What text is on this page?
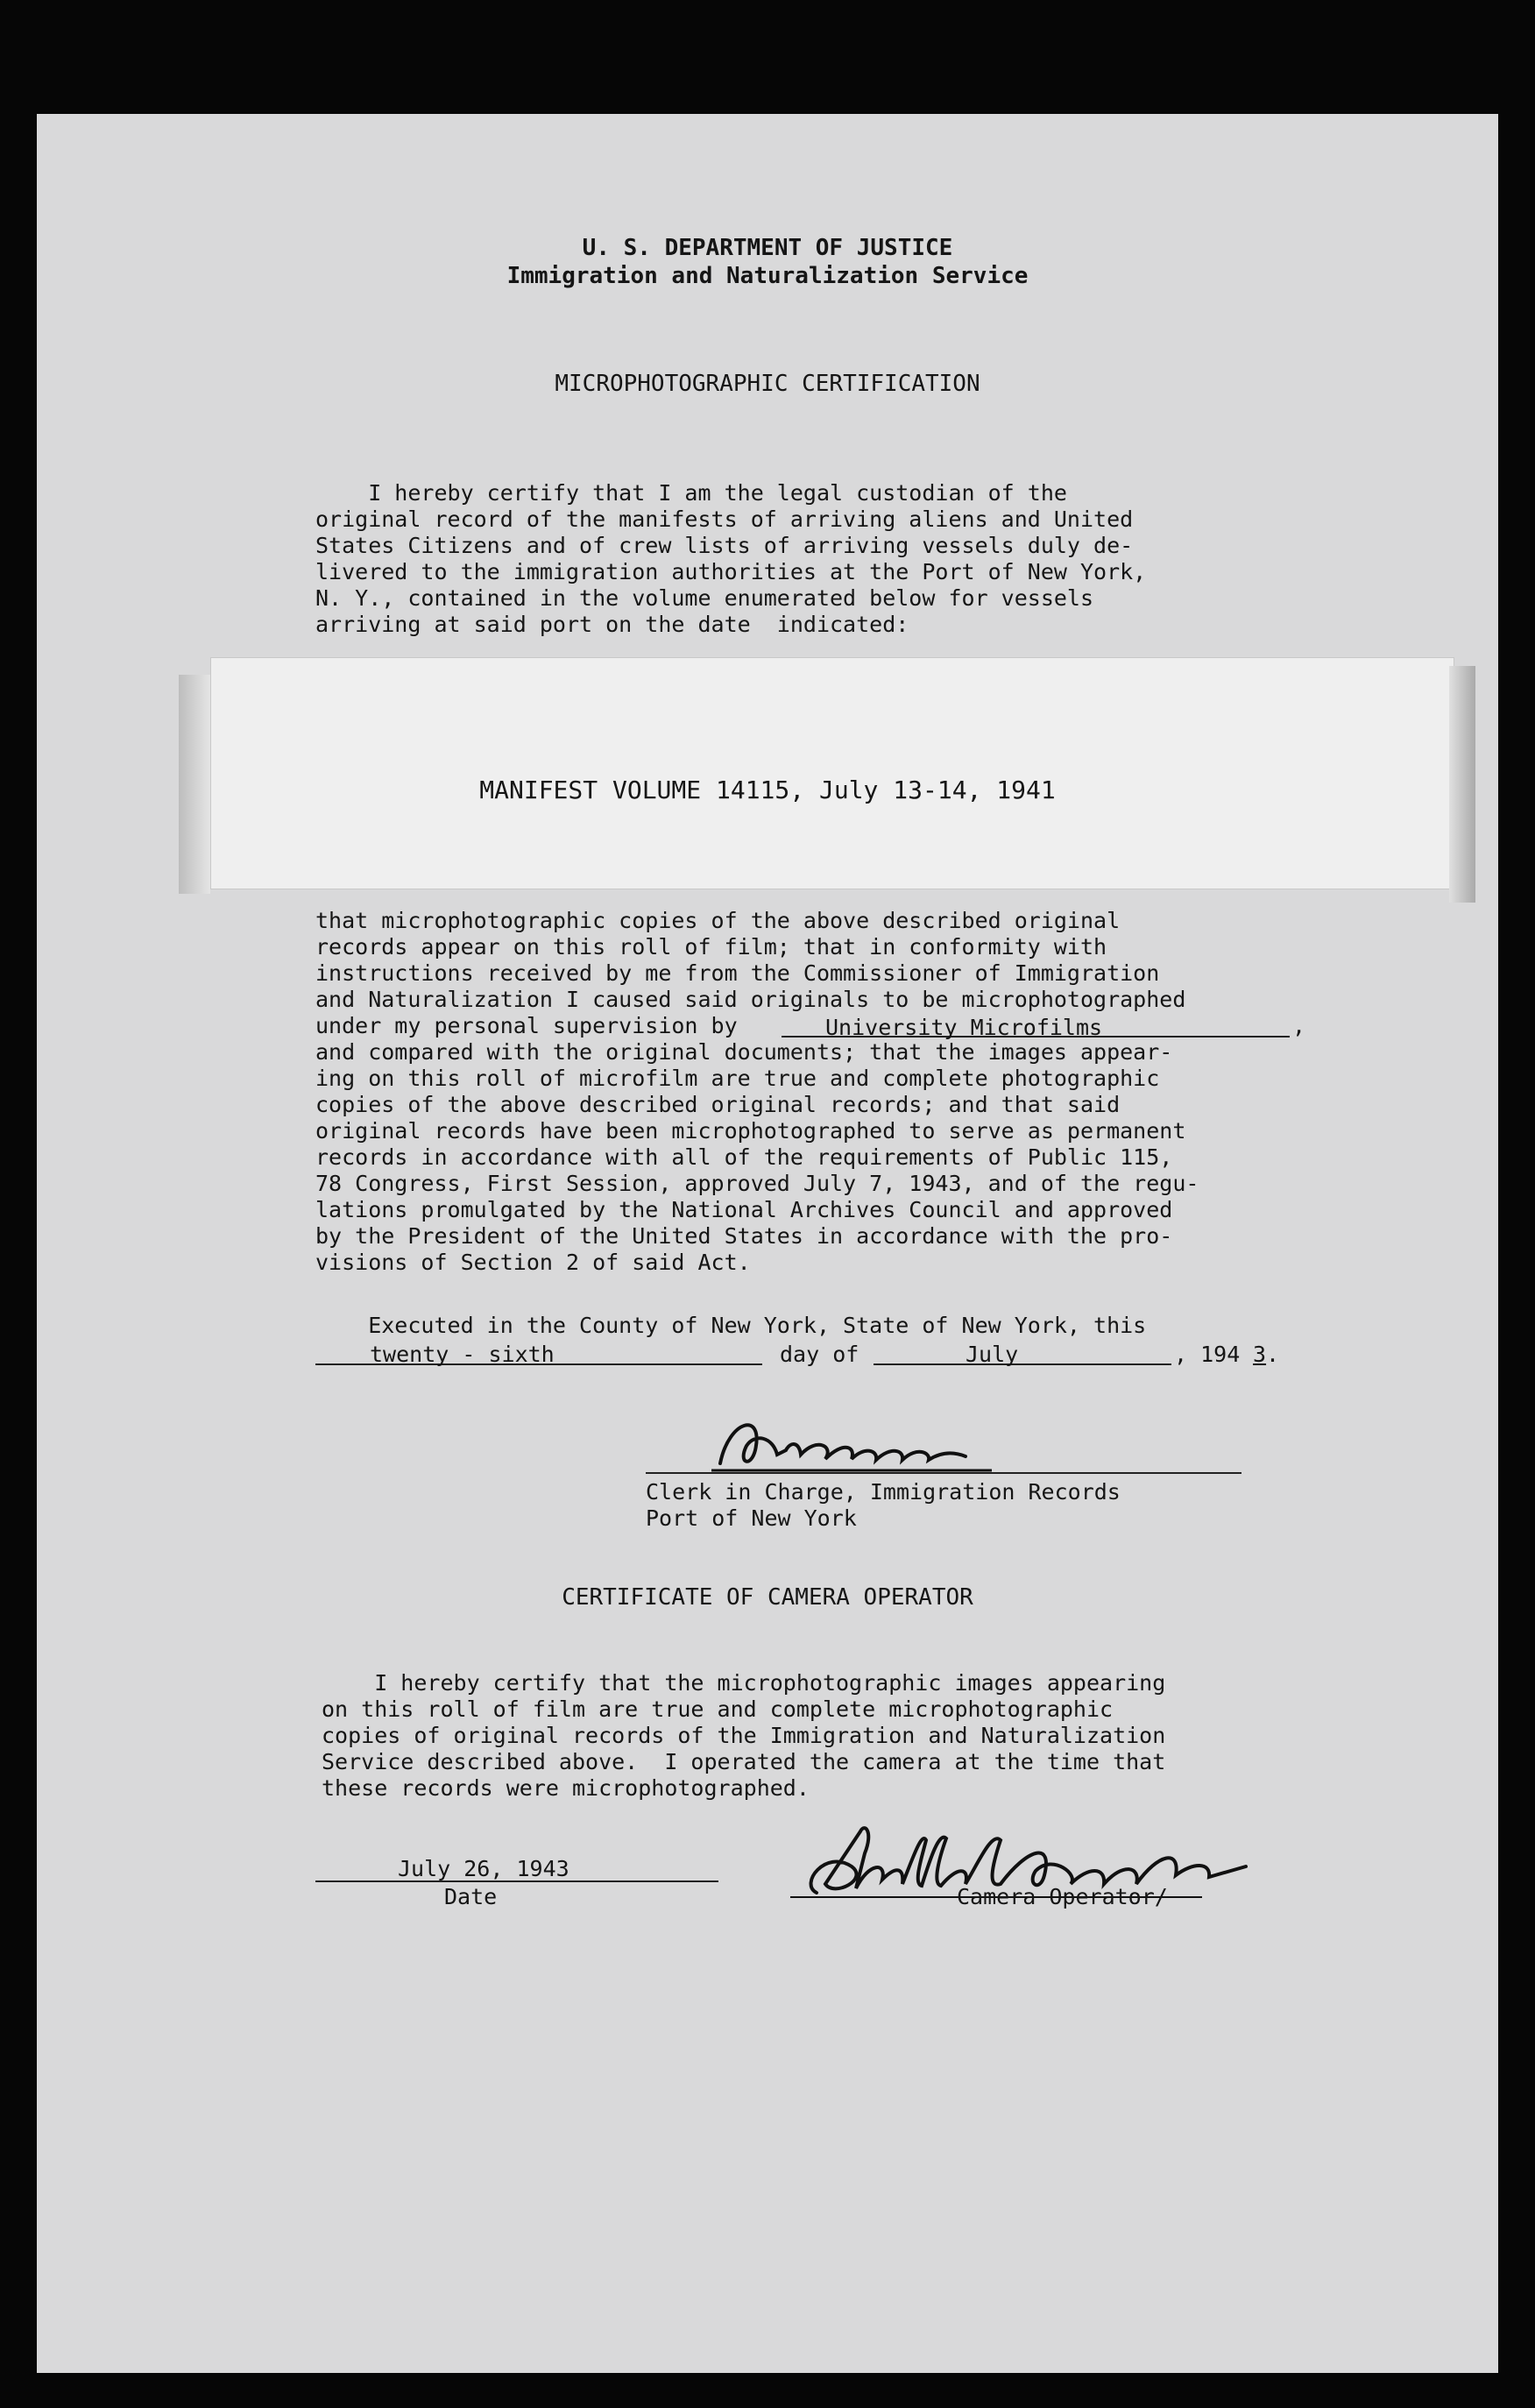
U. S. DEPARTMENT OF JUSTICE
Immigration and Naturalization Service
MICROPHOTOGRAPHIC CERTIFICATION
I hereby certify that I am the legal custodian of the
original record of the manifests of arriving aliens and United
States Citizens and of crew lists of arriving vessels duly de-
livered to the immigration authorities at the Port of New York,
N. Y., contained in the volume enumerated below for vessels
arriving at said port on the date  indicated:
MANIFEST VOLUME 14115, July 13-14, 1941
that microphotographic copies of the above described original
records appear on this roll of film; that in conformity with
instructions received by me from the Commissioner of Immigration
and Naturalization I caused said originals to be microphotographed
under my personal supervision by	University Microfilms	,
and compared with the original documents; that the images appear-
ing on this roll of microfilm are true and complete photographic
copies of the above described original records; and that said
original records have been microphotographed to serve as permanent
records in accordance with all of the requirements of Public 115,
78 Congress, First Session, approved July 7, 1943, and of the regu-
lations promulgated by the National Archives Council and approved
by the President of the United States in accordance with the pro-
visions of Section 2 of said Act.
Executed in the County of New York, State of New York, this
twenty - sixth	day of	July	, 194 3 .
Clerk in Charge, Immigration Records
Port of New York
CERTIFICATE OF CAMERA OPERATOR
I hereby certify that the microphotographic images appearing
on this roll of film are true and complete microphotographic
copies of original records of the Immigration and Naturalization
Service described above.  I operated the camera at the time that
these records were microphotographed.
July 26, 1943
Date	Camera Operator/
